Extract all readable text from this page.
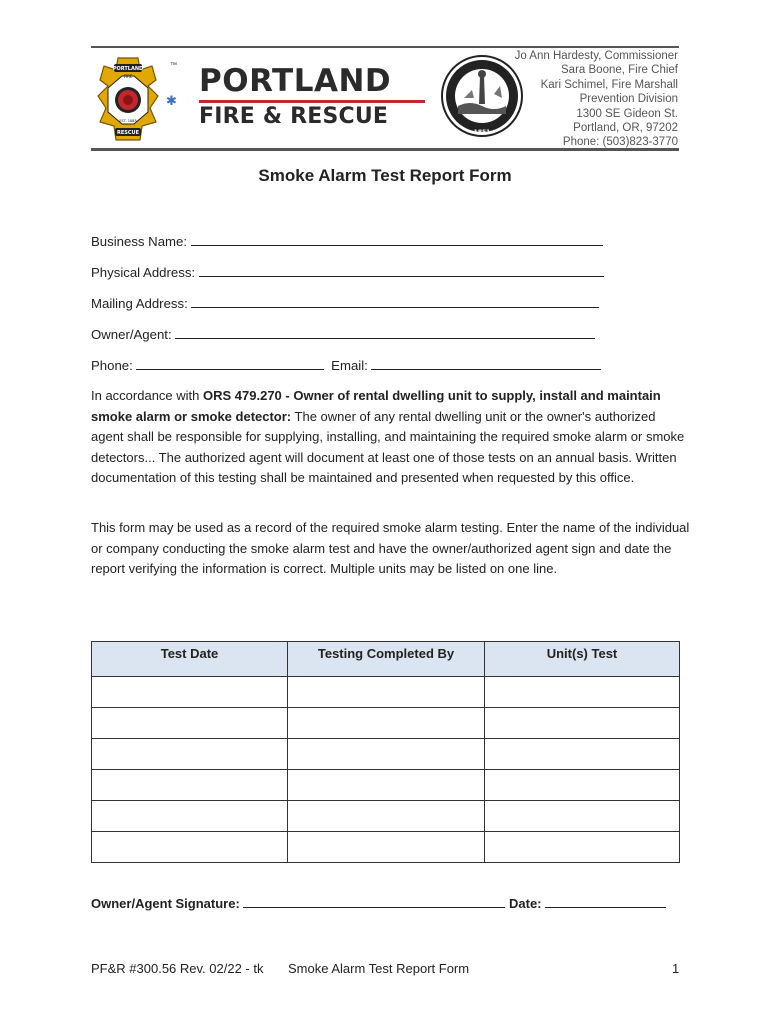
PORTLAND
FIRE
EST. 1883
RESCUE
✱
™ PORTLAND
FIRE & RESCUE
1851
Jo Ann Hardesty, Commissioner
Sara Boone, Fire Chief
Kari Schimel, Fire Marshall
Prevention Division
1300 SE Gideon St.
Portland, OR, 97202
Phone: (503)823-3770
Smoke Alarm Test Report Form
Business Name:
Physical Address:
Mailing Address:
Owner/Agent:
Phone:	Email:
In accordance with ORS 479.270 - Owner of rental dwelling unit to supply, install and maintain smoke alarm or smoke detector: The owner of any rental dwelling unit or the owner's authorized agent shall be responsible for supplying, installing, and maintaining the required smoke alarm or smoke detectors... The authorized agent will document at least one of those tests on an annual basis. Written documentation of this testing shall be maintained and presented when requested by this office.
This form may be used as a record of the required smoke alarm testing. Enter the name of the individual or company conducting the smoke alarm test and have the owner/authorized agent sign and date the report verifying the information is correct. Multiple units may be listed on one line.
Test Date	Testing Completed By	Unit(s) Test

Owner/Agent Signature:	Date:
PF&R #300.56 Rev. 02/22 - tk Smoke Alarm Test Report Form	1
